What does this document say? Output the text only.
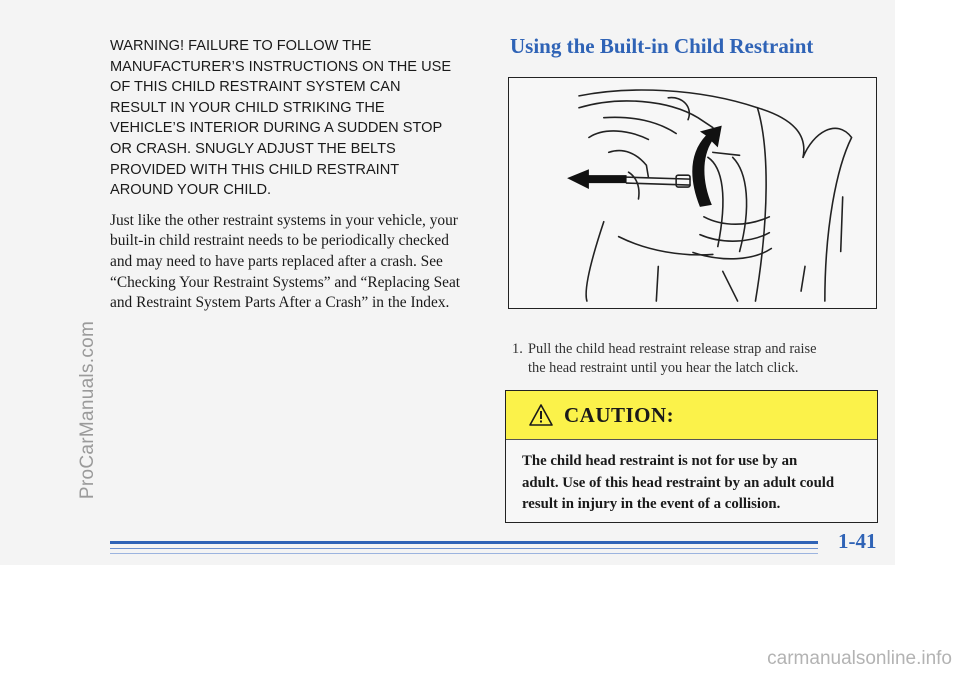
ProCarManuals.com

WARNING! FAILURE TO FOLLOW THE
MANUFACTURER’S INSTRUCTIONS ON THE USE
OF THIS CHILD RESTRAINT SYSTEM CAN
RESULT IN YOUR CHILD STRIKING THE
VEHICLE’S INTERIOR DURING A SUDDEN STOP
OR CRASH. SNUGLY ADJUST THE BELTS
PROVIDED WITH THIS CHILD RESTRAINT
AROUND YOUR CHILD.

Just like the other restraint systems in your vehicle, your
built-in child restraint needs to be periodically checked
and may need to have parts replaced after a crash. See
“Checking Your Restraint Systems” and “Replacing Seat
and Restraint System Parts After a Crash” in the Index.

Using the Built-in Child Restraint
1. Pull the child head restraint release strap and raise
the head restraint until you hear the latch click.
CAUTION:
The child head restraint is not for use by an
adult. Use of this head restraint by an adult could
result in injury in the event of a collision.
1-41
carmanualsonline.info
